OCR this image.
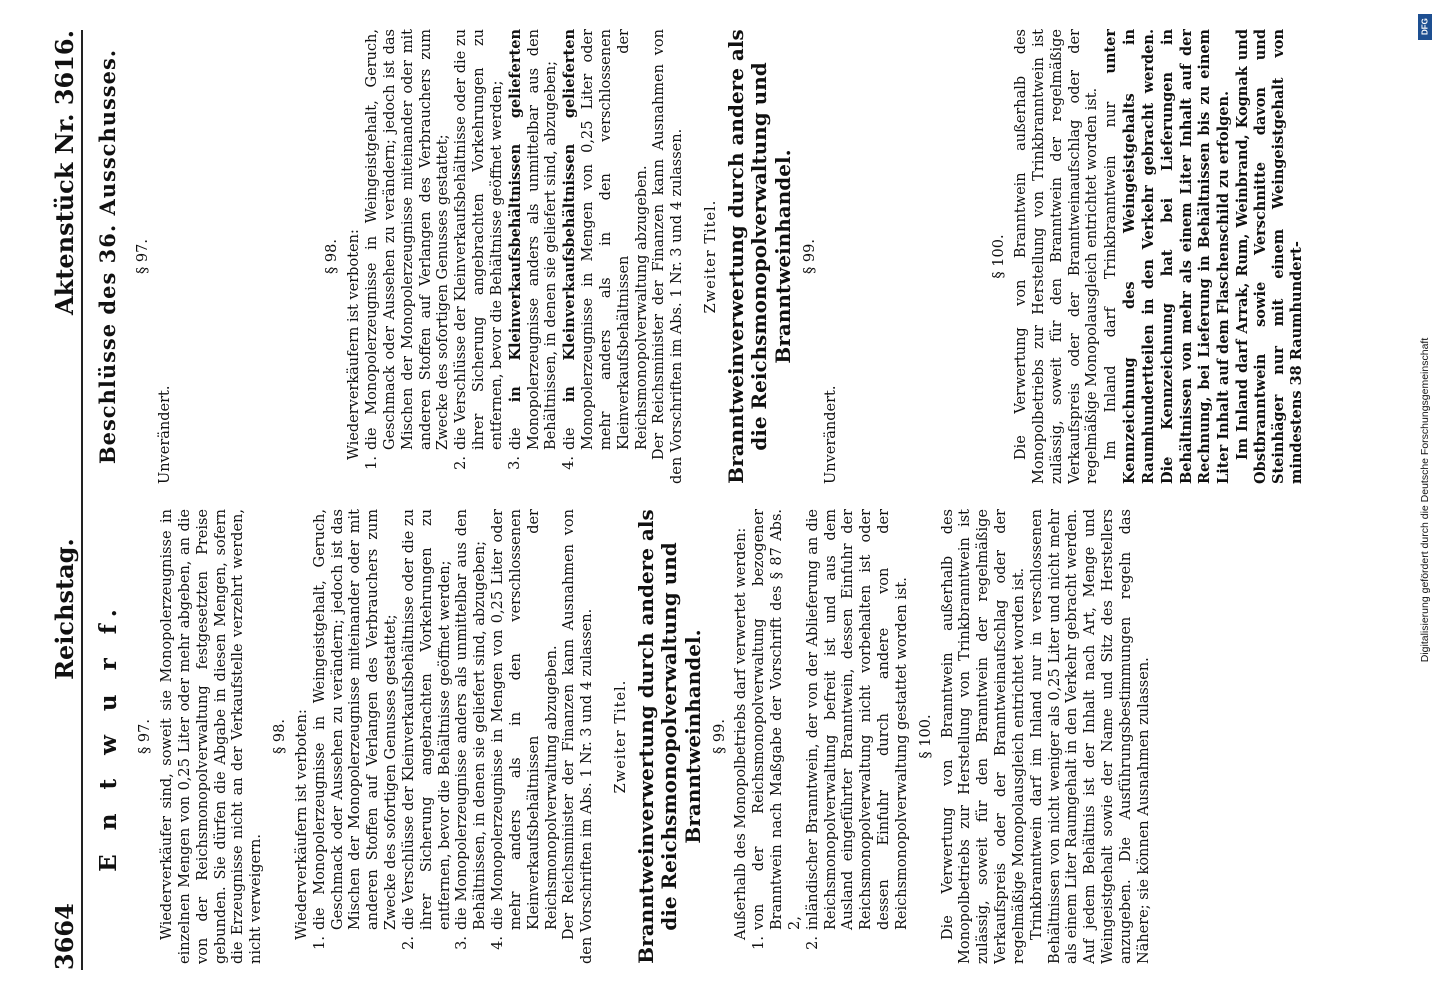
3664
Reichstag.
Aktenstück Nr. 3616.
E n t w u r f. § 97. Wiederverkäufer sind, soweit sie Monopolerzeugnisse in einzelnen Mengen von 0,25 Liter oder mehr abgeben, an die von der Reichsmonopolverwaltung festgesetzten Preise gebunden. Sie dürfen die Abgabe in diesen Mengen, sofern die Erzeugnisse nicht an der Verkaufstelle verzehrt werden, nicht verweigern.
§ 98. Wiederverkäufern ist verboten:
1.
die Monopolerzeugnisse in Weingeistgehalt, Geruch, Geschmack oder Aussehen zu verändern; jedoch ist das Mischen der Monopolerzeugnisse miteinander oder mit anderen Stoffen auf Verlangen des Verbrauchers zum Zwecke des sofortigen Genusses gestattet;
2.
die Verschlüsse der Kleinverkaufsbehältnisse oder die zu ihrer Sicherung angebrachten Vorkehrungen zu entfernen, bevor die Behältnisse geöffnet werden;
3.
die Monopolerzeugnisse anders als unmittelbar aus den Behältnissen, in denen sie geliefert sind, abzugeben;
4.
die Monopolerzeugnisse in Mengen von 0,25 Liter oder mehr anders als in den verschlossenen Kleinverkaufsbehältnissen der Reichsmonopolverwaltung abzugeben. Der Reichsminister der Finanzen kann Ausnahmen von den Vorschriften im Abs. 1 Nr. 3 und 4 zulassen. Zweiter Titel. Branntweinverwertung durch andere als die Reichsmonopolverwaltung und Branntweinhandel. § 99. Außerhalb des Monopolbetriebs darf verwertet werden:
1.
von der Reichsmonopolverwaltung bezogener Branntwein nach Maßgabe der Vorschrift des § 87 Abs. 2,
2.
inländischer Branntwein, der von der Ablieferung an die Reichsmonopolverwaltung befreit ist und aus dem Ausland eingeführter Branntwein, dessen Einfuhr der Reichsmonopolverwaltung nicht vorbehalten ist oder dessen Einfuhr durch andere von der Reichsmonopolverwaltung gestattet worden ist. § 100. Die Verwertung von Branntwein außerhalb des Monopolbetriebs zur Herstellung von Trinkbranntwein ist zulässig, soweit für den Branntwein der regelmäßige Verkaufspreis oder der Branntweinaufschlag oder der regelmäßige Monopolausgleich entrichtet worden ist. Trinkbranntwein darf im Inland nur in verschlossenen Behältnissen von nicht weniger als 0,25 Liter und nicht mehr als einem Liter Raumgehalt in den Verkehr gebracht werden. Auf jedem Behältnis ist der Inhalt nach Art, Menge und Weingeistgehalt sowie der Name und Sitz des Herstellers anzugeben. Die Ausführungsbestimmungen regeln das Nähere; sie können Ausnahmen zulassen.
Beschlüsse des 36. Ausschusses. § 97.
Unverändert.
§ 98. Wiederverkäufern ist verboten:
1.
die Monopolerzeugnisse in Weingeistgehalt, Geruch, Geschmack oder Aussehen zu verändern; jedoch ist das Mischen der Monopolerzeugnisse miteinander oder mit anderen Stoffen auf Verlangen des Verbrauchers zum Zwecke des sofortigen Genusses gestattet;
2.
die Verschlüsse der Kleinverkaufsbehältnisse oder die zu ihrer Sicherung angebrachten Vorkehrungen zu entfernen, bevor die Behältnisse geöffnet werden;
3.
die in Kleinverkaufsbehältnissen gelieferten Monopolerzeugnisse anders als unmittelbar aus den Behältnissen, in denen sie geliefert sind, abzugeben;
4.
die in Kleinverkaufsbehältnissen gelieferten Monopolerzeugnisse in Mengen von 0,25 Liter oder mehr anders als in den verschlossenen Kleinverkaufsbehältnissen der Reichsmonopolverwaltung abzugeben. Der Reichsminister der Finanzen kann Ausnahmen von den Vorschriften im Abs. 1 Nr. 3 und 4 zulassen. Zweiter Titel. Branntweinverwertung durch andere als die Reichsmonopolverwaltung und Branntweinhandel. § 99.
Unverändert.
§ 100. Die Verwertung von Branntwein außerhalb des Monopolbetriebs zur Herstellung von Trinkbranntwein ist zulässig, soweit für den Branntwein der regelmäßige Verkaufspreis oder der Branntweinaufschlag oder der regelmäßige Monopolausgleich entrichtet worden ist. Im Inland darf Trinkbranntwein nur unter Kennzeichnung des Weingeistgehalts in Raumhundertteilen in den Verkehr gebracht werden. Die Kennzeichnung hat bei Lieferungen in Behältnissen von mehr als einem Liter Inhalt auf der Rechnung, bei Lieferung in Behältnissen bis zu einem Liter Inhalt auf dem Flaschenschild zu erfolgen. Im Inland darf Arrak, Rum, Weinbrand, Kognak und Obstbranntwein sowie Verschnitte davon und Steinhäger nur mit einem Weingeistgehalt von mindestens 38 Raumhundert-
DFG
Digitalisierung gefördert durch die Deutsche Forschungsgemeinschaft
